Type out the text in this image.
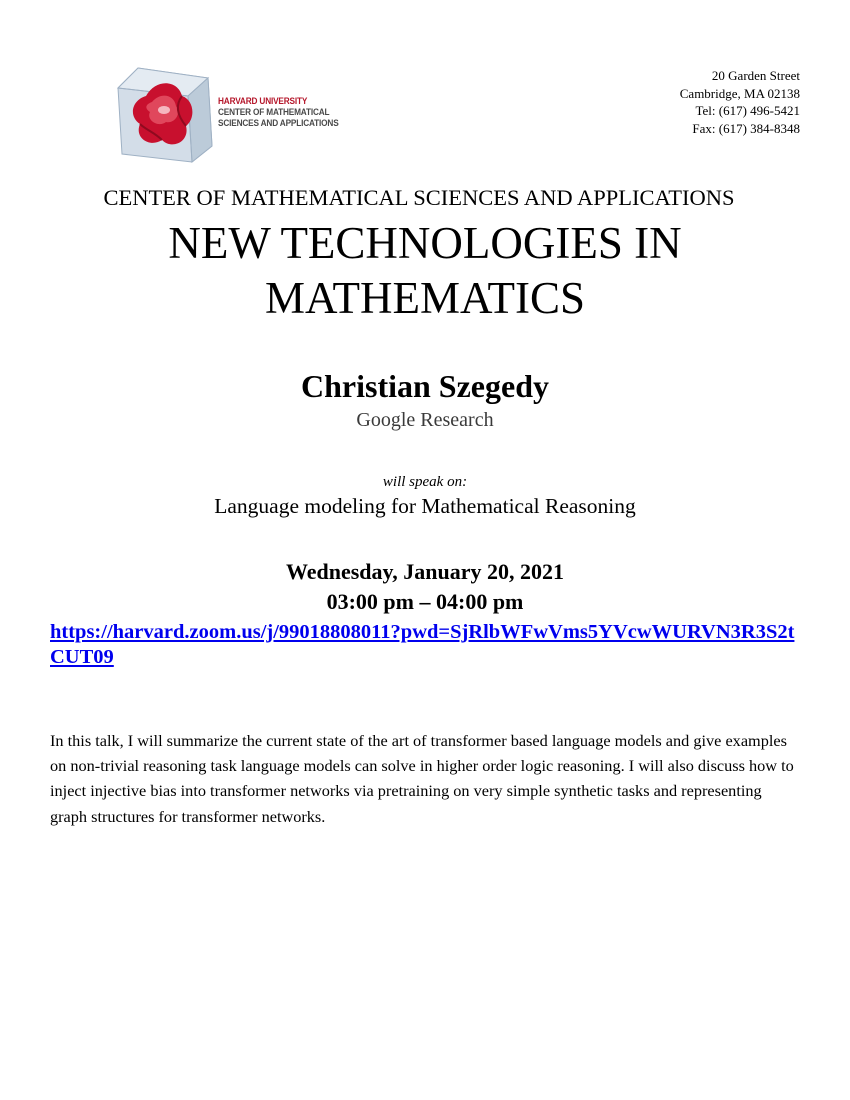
HARVARD UNIVERSITY
CENTER OF MATHEMATICAL
SCIENCES AND APPLICATIONS
20 Garden Street
Cambridge, MA 02138
Tel: (617) 496-5421
Fax: (617) 384-8348
CENTER OF MATHEMATICAL SCIENCES AND APPLICATIONS
NEW TECHNOLOGIES IN
MATHEMATICS
Christian Szegedy
Google Research
will speak on:
Language modeling for Mathematical Reasoning
Wednesday, January 20, 2021
03:00 pm – 04:00 pm
https://harvard.zoom.us/j/99018808011?pwd=SjRlbWFwVms5YVcwWURVN3R3S2tCUT09
In this talk, I will summarize the current state of the art of transformer based language models and give examples on non-trivial reasoning task language models can solve in higher order logic reasoning. I will also discuss how to inject injective bias into transformer networks via pretraining on very simple synthetic tasks and representing graph structures for transformer networks.
